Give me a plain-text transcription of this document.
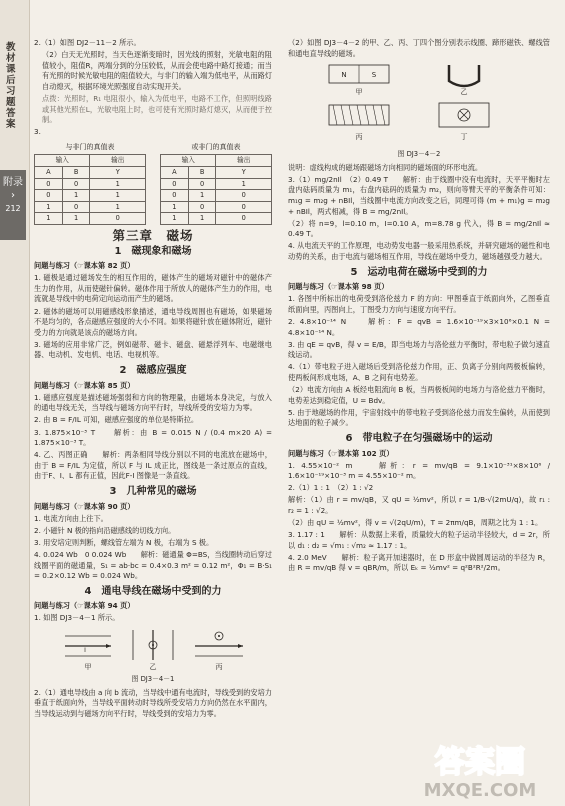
教材课后习题答案
附录
›
212
2.（1）如图 DJ2－11－2 所示。
（2）白天无光照时，当天色逐渐变暗时，因光线的照射，光敏电阻的阻值较小，阻值R，两端分到的分压较低，从而会使电路中路灯接通；而当有光照的时候光敏电阻的阻值较大，与非门的输入端为低电平，从而路灯自动熄灭，根据环境光照强度自动实现开关。
点拨：光照时，R₁ 电阻很小，输入为低电平，电路不工作，但照明线路或其他光照在L，光敏电阻上时，也可使有光照时路灯熄灭，从而便于控制。
3.
与非门的真值表
输入		输出
A	B	Y
0	0	1
0	1	1
1	0	1
1	1	0
或非门的真值表
输入		输出
A	B	Y
0	0	1
0	1	0
1	0	0
1	1	0
第三章　磁场
1　磁现象和磁场
问题与练习（☞课本第 82 页）
1. 磁极是通过磁场发生的相互作用的，磁体产生的磁场对磁针中的磁体产生力的作用，从而使磁针偏转。磁体作用于所放人的磁体产生力的作用，电流就是导线中的电荷定向运动而产生的磁场。
2. 磁体的磁场可以用磁感线形象描述，通电导线周围也有磁场，如果磁场不是均匀的，各点磁感应强度的大小不同。如果将磁针放在磁体附近，磁针受力的方向就是该点的磁场方向。
3. 磁场的应用非常广泛，例如磁带、磁卡、磁盘、磁悬浮列车、电磁继电器、电动机、发电机、电话、电视机等。
2　磁感应强度
问题与练习（☞课本第 85 页）
1. 磁感应强度是描述磁场强弱和方向的物理量，由磁场本身决定，与放入的通电导线无关，当导线与磁场方向平行时，导线所受的安培力为零。
2. 由 B = F/IL 可知，磁感应强度的单位是特斯拉。
3. 1.875×10⁻³ T　　解析：由 B = 0.015 N / (0.4 m×20 A) = 1.875×10⁻³ T。
4. 乙、丙图正确　　解析：两条相同导线分别以不同的电流放在磁场中，由于 B = F/IL 为定值，所以 F 与 IL 成正比，图线是一条过原点的直线，由于F、I、L 都有正值，因此F-I 图像是一条直线。
3　几种常见的磁场
问题与练习（☞课本第 90 页）
1. 电流方向由上往下。
2. 小磁针 N 极的指向沿磁感线的切线方向。
3. 用安培定则判断，螺线管左端为 N 极，右端为 S 极。
4. 0.024 Wb　0 0.024 Wb　　解析：磁通量 Φ=BS，当线圈转动后穿过线圈平面的磁通量，S₁ = ab·bc = 0.4×0.3 m² = 0.12 m²，Φ₁ = B·S₁ = 0.2×0.12 Wb = 0.024 Wb。
4　通电导线在磁场中受到的力
问题与练习（☞课本第 94 页）
1. 如图 DJ3－4－1 所示。
I
甲	乙	丙
图 DJ3－4－1
2.（1）通电导线由 a 向 b 流动，当导线中通有电流时，导线受到的安培力垂直于纸面向外，当导线平面转动时导线所受安培力方向仍然在水平面内，当导线运动到与磁场方向平行时，导线受到的安培力为零。
（2）如图 DJ3－4－2 的甲、乙、丙、丁四个图分别表示线圈、蹄形磁铁、螺线管和通电直导线的磁场。
N	S
甲	乙
丙	丁
图 DJ3－4－2
说明：虚线构成的磁场跟磁场方向相同的磁场面的环形电流。
3.（1）mg/2nIl　（2）0.49 T　　解析：由于线圈中没有电流时，天平平衡时左盘内砝码质量为 m₁，右盘内砝码的质量为 m₂，则向等臂天平的平衡条件可知：m₁g = m₂g + nBIl，当线圈中电流方向改变之后，同理可得 (m + m₁)g = m₂g + nBIl，两式相减，得 B = mg/2nIl。
（2）将 n=9，l=0.10 m，I=0.10 A，m=8.78 g 代入，得 B = mg/2nIl ≈ 0.49 T。
4. 从电流天平的工作原理，电动势发电器一般采用热系统，并研究磁场的磁性和电动势的关系，由于电流与磁场相互作用，导线在磁场中受力，磁场越强受力越大。
5　运动电荷在磁场中受到的力
问题与练习（☞课本第 98 页）
1. 各图中所标出的电荷受到洛伦兹力 F 的方向：甲图垂直于纸面向外，乙图垂直纸面向里，丙图向上，丁图受力方向与速度方向平行。
2. 4.8×10⁻¹⁴ N　　解析：F = qvB = 1.6×10⁻¹⁹×3×10⁶×0.1 N = 4.8×10⁻¹⁴ N。
3. 由 qE = qvB，得 v = E/B，即当电场力与洛伦兹力平衡时，带电粒子做匀速直线运动。
4.（1）带电粒子进入磁场后受到洛伦兹力作用，正、负离子分别向两极板偏转，使两板间形成电场，A、B 之间有电势差。
（2）电流方向由 A 板经电阻流向 B 板，当两极板间的电场力与洛伦兹力平衡时，电势差达到稳定值，U = Bdv。
5. 由于地磁场的作用，宇宙射线中的带电粒子受到洛伦兹力而发生偏转，从而使到达地面的粒子减少。
6　带电粒子在匀强磁场中的运动
问题与练习（☞课本第 102 页）
1. 4.55×10⁻² m　　解析：r = mv/qB = 9.1×10⁻³¹×8×10⁶ / 1.6×10⁻¹⁹×10⁻³ m = 4.55×10⁻² m。
2.（1）1 : 1　（2）1 : √2
解析：（1）由 r = mv/qB，又 qU = ½mv²，所以 r = 1/B·√(2mU/q)，故 r₁ : r₂ = 1 : √2。
（2）由 qU = ½mv²，得 v = √(2qU/m)，T = 2πm/qB，周期之比为 1 : 1。
3. 1.17 : 1　　解析：从数据上来看，质量较大的粒子运动半径较大，d = 2r，所以 d₁ : d₂ = √m₁ : √m₂ ≈ 1.17 : 1。
4. 2.0 MeV　　解析：粒子离开加速器时，在 D 形盒中做圆周运动的半径为 R，由 R = mv/qB 得 v = qBR/m，所以 Eₖ = ½mv² = q²B²R²/2m。
答案圈
MXQE.COM
